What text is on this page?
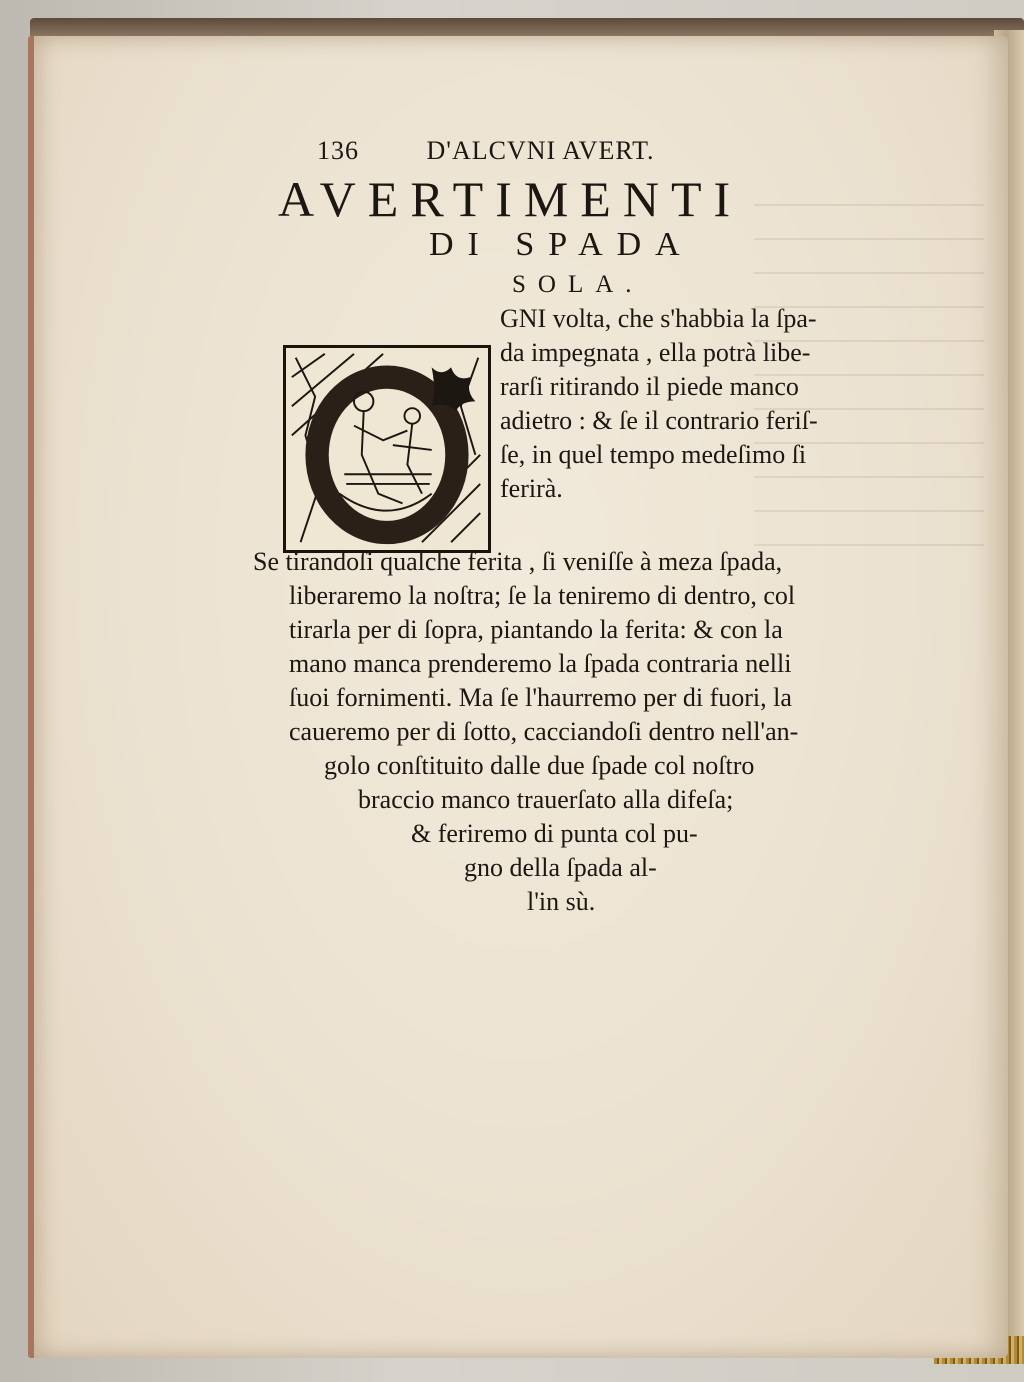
136	D'ALCVNI AVERT.
AVERTIMENTI
DI SPADA
SOLA.
GNI volta, che s'habbia la ſpa-
da impegnata , ella potrà libe-
rarſi ritirando il piede manco
adietro : & ſe il contrario feriſ-
ſe, in quel tempo medeſimo ſi
ferirà.
Se tirandoſi qualche ferita , ſi veniſſe à meza ſpada,
liberaremo la noſtra; ſe la teniremo di dentro, col
tirarla per di ſopra, piantando la ferita: & con la
mano manca prenderemo la ſpada contraria nelli
ſuoi fornimenti. Ma ſe l'haurremo per di fuori, la
caueremo per di ſotto, cacciandoſi dentro nell'an-
golo conſtituito dalle due ſpade col noſtro
braccio manco trauerſato alla difeſa;
& feriremo di punta col pu-
gno della ſpada al-
l'in sù.
